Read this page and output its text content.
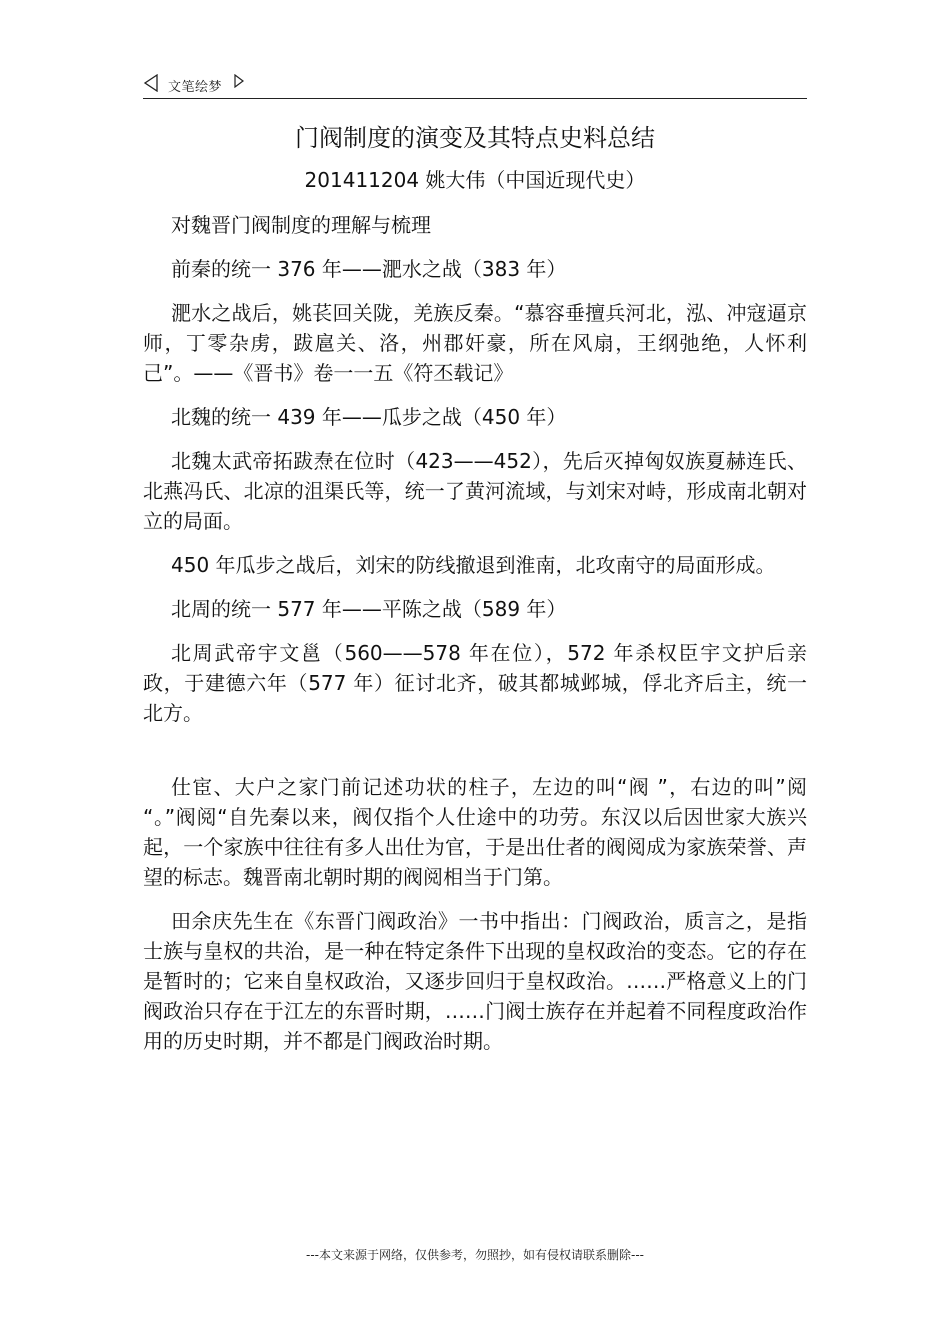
文笔绘梦
门阀制度的演变及其特点史料总结
201411204 姚大伟（中国近现代史）

对魏晋门阀制度的理解与梳理

前秦的统一 376 年——淝水之战（383 年）

淝水之战后，姚苌回关陇，羌族反秦。“慕容垂擅兵河北，泓、冲寇逼京师，丁零杂虏，跋扈关、洛，州郡奸豪，所在风扇，王纲弛绝，人怀利己”。——《晋书》卷一一五《符丕载记》

北魏的统一 439 年——瓜步之战（450 年）

北魏太武帝拓跋焘在位时（423——452），先后灭掉匈奴族夏赫连氏、北燕冯氏、北凉的沮渠氏等，统一了黄河流域，与刘宋对峙，形成南北朝对立的局面。

450 年瓜步之战后，刘宋的防线撤退到淮南，北攻南守的局面形成。

北周的统一 577 年——平陈之战（589 年）

北周武帝宇文邕（560——578 年在位），572 年杀权臣宇文护后亲政，于建德六年（577 年）征讨北齐，破其都城邺城，俘北齐后主，统一北方。

仕宦、大户之家门前记述功状的柱子，左边的叫“阀 ”，右边的叫”阅 “。”阀阅“自先秦以来，阀仅指个人仕途中的功劳。东汉以后因世家大族兴起，一个家族中往往有多人出仕为官，于是出仕者的阀阅成为家族荣誉、声望的标志。魏晋南北朝时期的阀阅相当于门第。

田余庆先生在《东晋门阀政治》一书中指出：门阀政治，质言之，是指士族与皇权的共治，是一种在特定条件下出现的皇权政治的变态。它的存在是暂时的；它来自皇权政治，又逐步回归于皇权政治。……严格意义上的门阀政治只存在于江左的东晋时期，……门阀士族存在并起着不同程度政治作用的历史时期，并不都是门阀政治时期。

---本文来源于网络，仅供参考，勿照抄，如有侵权请联系删除---
